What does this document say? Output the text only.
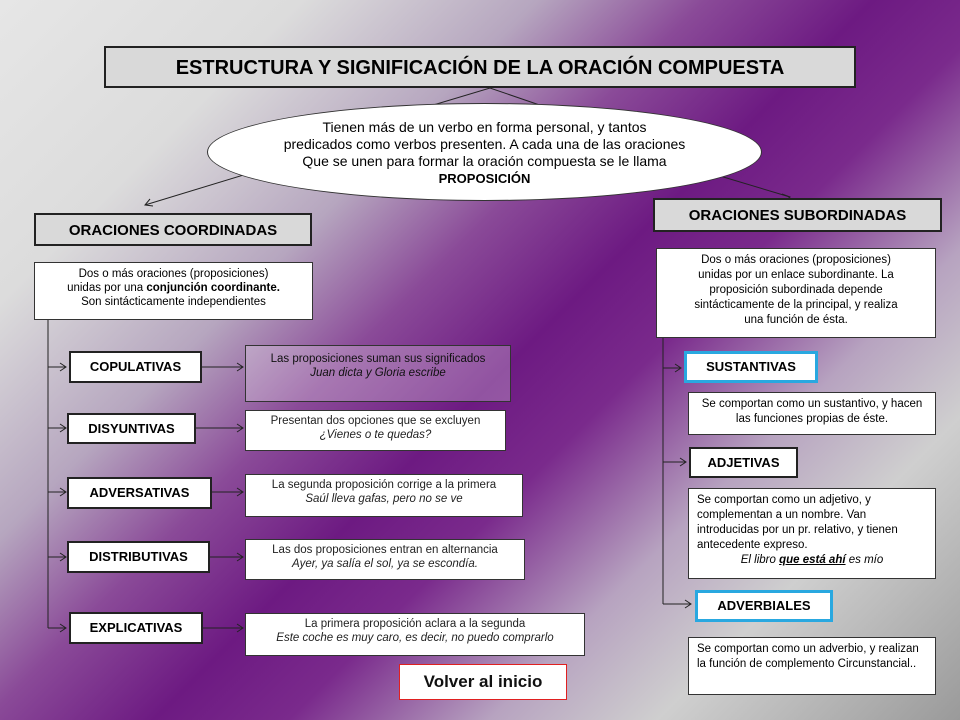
ESTRUCTURA Y SIGNIFICACIÓN DE LA ORACIÓN COMPUESTA
Tienen más de un verbo en forma personal, y tantos
predicados como verbos presenten. A cada una de las oraciones
Que se unen para formar la oración compuesta se le llama
PROPOSICIÓN
ORACIONES COORDINADAS
Dos o más oraciones (proposiciones)
unidas por una conjunción coordinante.
Son sintácticamente independientes
COPULATIVAS	Las proposiciones suman sus significados
Juan dicta y Gloria escribe
DISYUNTIVAS	Presentan dos opciones que se excluyen
¿Vienes o te quedas?
ADVERSATIVAS	La segunda proposición corrige a la primera
Saúl lleva gafas, pero no se ve
DISTRIBUTIVAS	Las dos proposiciones entran en alternancia
Ayer, ya salía el sol, ya se escondía.
EXPLICATIVAS	La primera proposición aclara a la segunda
Este coche es muy caro, es decir, no puedo comprarlo
ORACIONES SUBORDINADAS
Dos o más oraciones (proposiciones)
unidas por un enlace subordinante. La
proposición subordinada depende
sintácticamente de la principal, y realiza
una función de ésta.
SUSTANTIVAS
Se comportan como un sustantivo, y hacen las funciones propias de éste.
ADJETIVAS
Se comportan como un adjetivo, y complementan a un nombre. Van introducidas por un pr. relativo, y tienen antecedente expreso.
El libro que está ahí es mío
ADVERBIALES
Se comportan como un adverbio, y realizan la función de complemento Circunstancial..
Volver al inicio
